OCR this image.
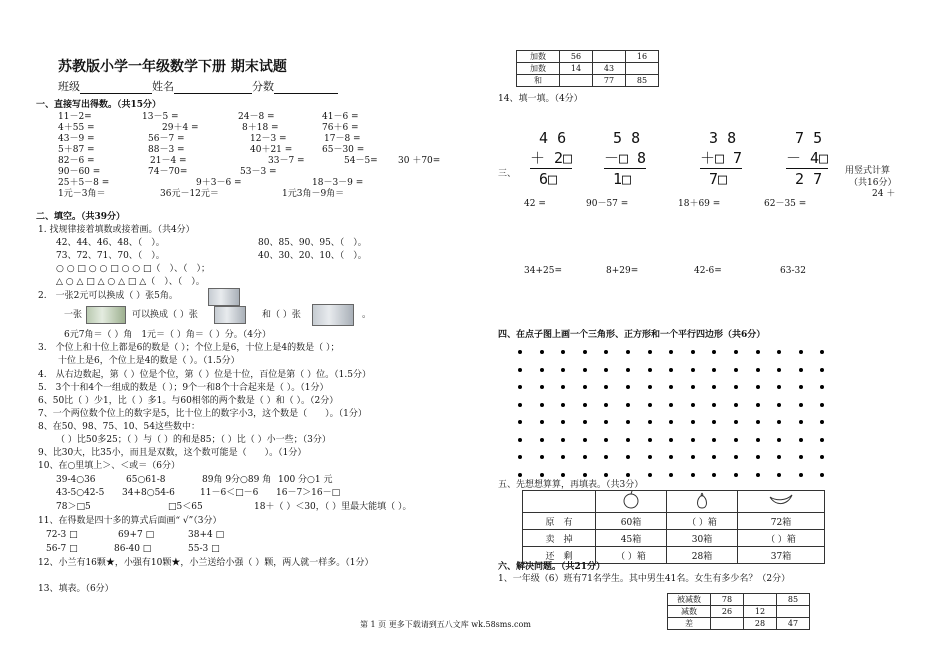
苏教版小学一年级数学下册 期末试题
班级	姓名	分数
一、直接写出得数。（共15分）
11－2=	13－5 =	24－8 =	41－6 =
4＋55 =	29＋4 =	8＋18 =	76＋6 =
43－9 =	56－7 =	12－3 =	17－8 =
5＋87 =	88－3 =	40＋21 =	65－30 =
82－6 =	21－4 =	33－7 =	54－5= 30 ＋70=
90－60 =	74－70=	53－3 =
25＋5－8 =	9＋3－6 =	18－3－9 =
1元－3角＝	36元－12元＝	1元3角－9角＝
二、填空。（共39分）
1. 找规律接着填数或接着画。（共4分）
42、44、46、48、（　）。	80、85、90、95、（　）。
73、72、71、70、（　）。	40、30、20、10、（　）。
○ ○ □ ○ ○ □ ○ ○ □（　）、（　）；
△ ○ △ □ △ ○ △ □ △（　）、（　）。
2.　一张2元可以换成（ ）张5角。
一张	可以换成（ ）张	和（ ）张	。
6元7角＝（ ）角　1元＝（ ）角＝（ ）分。（4分）
3.　个位上和十位上都是6的数是（ ）；个位上是6，十位上是4的数是（ ）；
十位上是6，个位上是4的数是（ ）。（1.5分）
4.　从右边数起，第（ ）位是个位，第（ ）位是十位，百位是第（ ）位。（1.5分）
5.　3个十和4个一组成的数是（ ）；9个一和8个十合起来是（ ）。（1分）
6、50比（ ）少1，比（ ）多1。与60相邻的两个数是（ ）和（ ）。（2分）
7、一个两位数个位上的数字是5，比十位上的数字小3，这个数是（　　）。（1分）
8、在50、98、75、10、54这些数中：
（ ）比50多25；（ ）与（ ）的和是85；（ ）比（ ）小一些；（3分）
9、比30大，比35小，而且是双数，这个数可能是（　　）。（1分）
10、在○里填上＞、＜或＝（6分）
39-4○36	65○61-8	89角 9分○89 角 100 分○1 元
43-5○42-5 34+8○54-6	11－6＜□－6 16－7＞16－□
78＞□5	□5＜65	18＋（ ）＜30，（ ）里最大能填（ ）。
11、在得数是四十多的算式后面画“ √”（3分）
72-3 □	69+7 □	38+4 □
56-7 □	86-40 □	55-3 □
12、小兰有16颗★，小强有10颗★，小兰送给小强（ ）颗，两人就一样多。（1分）
13、填表。（6分）
加数	56		16
加数	14	43	
和		77	85
14、填一填。（4分）
三、
4 6
＋ 2□
6□
5 8
－□ 8
1□
3 8
＋□ 7
7□
7 5
－ 4□
2 7	用竖式计算
（共16分）
24 ＋
42 =	90－57 =	18＋69 =	62－35 =
34+25=	8+29=	42-6=	63-32
四、在点子图上画一个三角形、正方形和一个平行四边形（共6分）
五、先想想算算，再填表。（共3分）

原　有	60箱	（ ）箱	72箱
卖　掉	45箱	30箱	（ ）箱
还　剩	（ ）箱	28箱	37箱
六、解决问题。（共21分）
1、一年级（6）班有71名学生。其中男生41名。女生有多少名？（2分）
被减数	78		85
减数	26	12	
差		28	47
第 1 页 更多下载请到五八文库 wk.58sms.com
